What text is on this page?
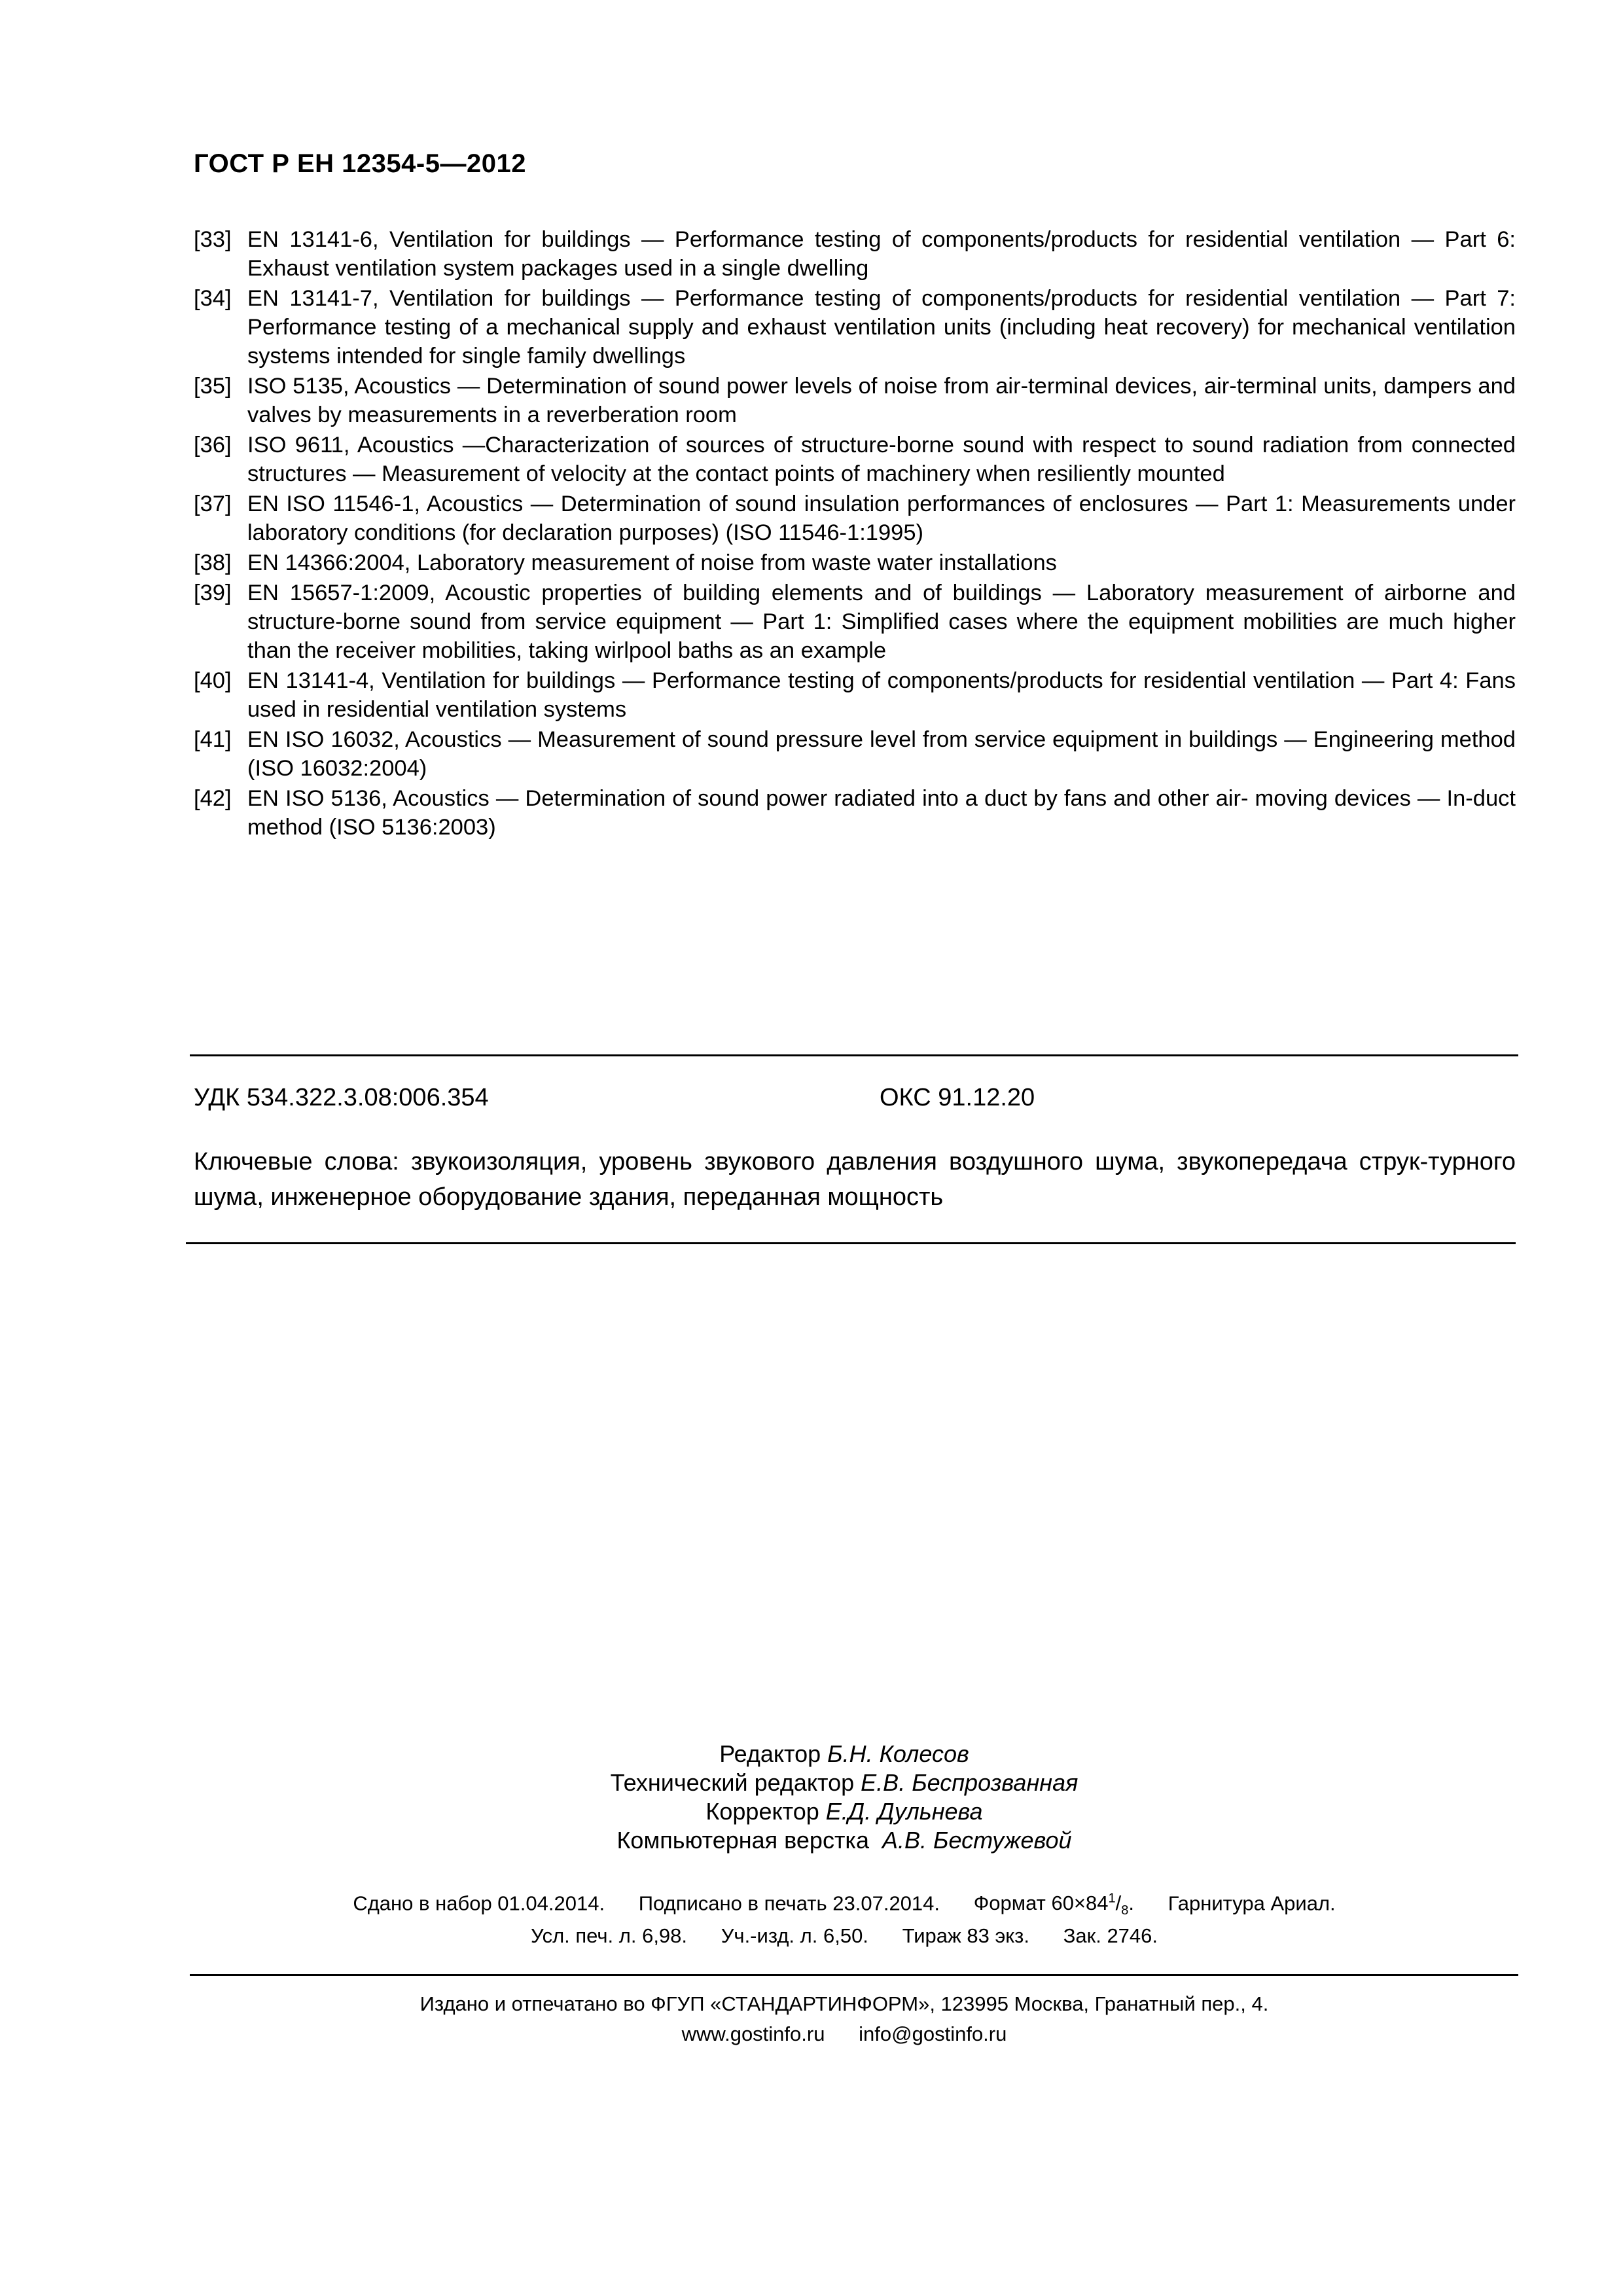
ГОСТ Р ЕН 12354-5—2012
[33] EN 13141-6, Ventilation for buildings — Performance testing of components/products for residential ventilation — Part 6: Exhaust ventilation system packages used in a single dwelling
[34] EN 13141-7, Ventilation for buildings — Performance testing of components/products for residential ventilation — Part 7: Performance testing of a mechanical supply and exhaust ventilation units (including heat recovery) for mechanical ventilation systems intended for single family dwellings
[35] ISO 5135, Acoustics — Determination of sound power levels of noise from air-terminal devices, air-terminal units, dampers and valves by measurements in a reverberation room
[36] ISO 9611, Acoustics —Characterization of sources of structure-borne sound with respect to sound radiation from connected structures — Measurement of velocity at the contact points of machinery when resiliently mounted
[37] EN ISO 11546-1, Acoustics — Determination of sound insulation performances of enclosures — Part 1: Measurements under laboratory conditions (for declaration purposes) (ISO 11546-1:1995)
[38] EN 14366:2004, Laboratory measurement of noise from waste water installations
[39] EN 15657-1:2009, Acoustic properties of building elements and of buildings — Laboratory measurement of airborne and structure-borne sound from service equipment — Part 1: Simplified cases where the equipment mobilities are much higher than the receiver mobilities, taking wirlpool baths as an example
[40] EN 13141-4, Ventilation for buildings — Performance testing of components/products for residential ventilation — Part 4: Fans used in residential ventilation systems
[41] EN ISO 16032, Acoustics — Measurement of sound pressure level from service equipment in buildings — Engineering method (ISO 16032:2004)
[42] EN ISO 5136, Acoustics — Determination of sound power radiated into a duct by fans and other air- moving devices — In-duct method (ISO 5136:2003)
УДК 534.322.3.08:006.354	ОКС 91.12.20
Ключевые слова: звукоизоляция, уровень звукового давления воздушного шума, звукопередача струк-турного шума, инженерное оборудование здания, переданная мощность
Редактор Б.Н. Колесов
Технический редактор Е.В. Беспрозванная
Корректор Е.Д. Дульнева
Компьютерная верстка А.В. Бестужевой
Сдано в набор 01.04.2014. Подписано в печать 23.07.2014. Формат $60\times 84^1/_8$. Гарнитура Ариал.
Усл. печ. л. 6,98. Уч.-изд. л. 6,50. Тираж 83 экз. Зак. 2746.
Издано и отпечатано во ФГУП «СТАНДАРТИНФОРМ», 123995 Москва, Гранатный пер., 4.
www.gostinfo.ru info@gostinfo.ru
